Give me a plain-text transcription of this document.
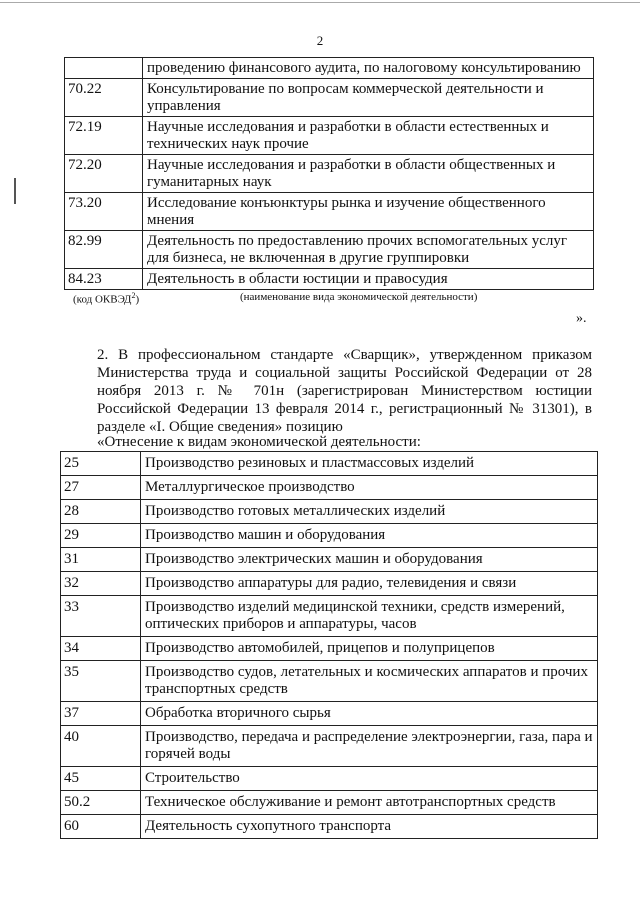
2
	проведению финансового аудита, по налоговому консультированию
70.22	Консультирование по вопросам коммерческой деятельности и управления
72.19	Научные исследования и разработки в области естественных и технических наук прочие
72.20	Научные исследования и разработки в области общественных и гуманитарных наук
73.20	Исследование конъюнктуры рынка и изучение общественного мнения
82.99	Деятельность по предоставлению прочих вспомогательных услуг для бизнеса, не включенная в другие группировки
84.23	Деятельность в области юстиции и правосудия
(код ОКВЭД$^2$)	(наименование вида экономической деятельности)
».

2. В профессиональном стандарте «Сварщик», утвержденном приказом Министерства труда и социальной защиты Российской Федерации от 28 ноября 2013 г. № 701н (зарегистрирован Министерством юстиции Российской Федерации 13 февраля 2014 г., регистрационный № 31301), в разделе «I. Общие сведения» позицию

«Отнесение к видам экономической деятельности:
25	Производство резиновых и пластмассовых изделий
27	Металлургическое производство
28	Производство готовых металлических изделий
29	Производство машин и оборудования
31	Производство электрических машин и оборудования
32	Производство аппаратуры для радио, телевидения и связи
33	Производство изделий медицинской техники, средств измерений, оптических приборов и аппаратуры, часов
34	Производство автомобилей, прицепов и полуприцепов
35	Производство судов, летательных и космических аппаратов и прочих транспортных средств
37	Обработка вторичного сырья
40	Производство, передача и распределение электроэнергии, газа, пара и горячей воды
45	Строительство
50.2	Техническое обслуживание и ремонт автотранспортных средств
60	Деятельность сухопутного транспорта
